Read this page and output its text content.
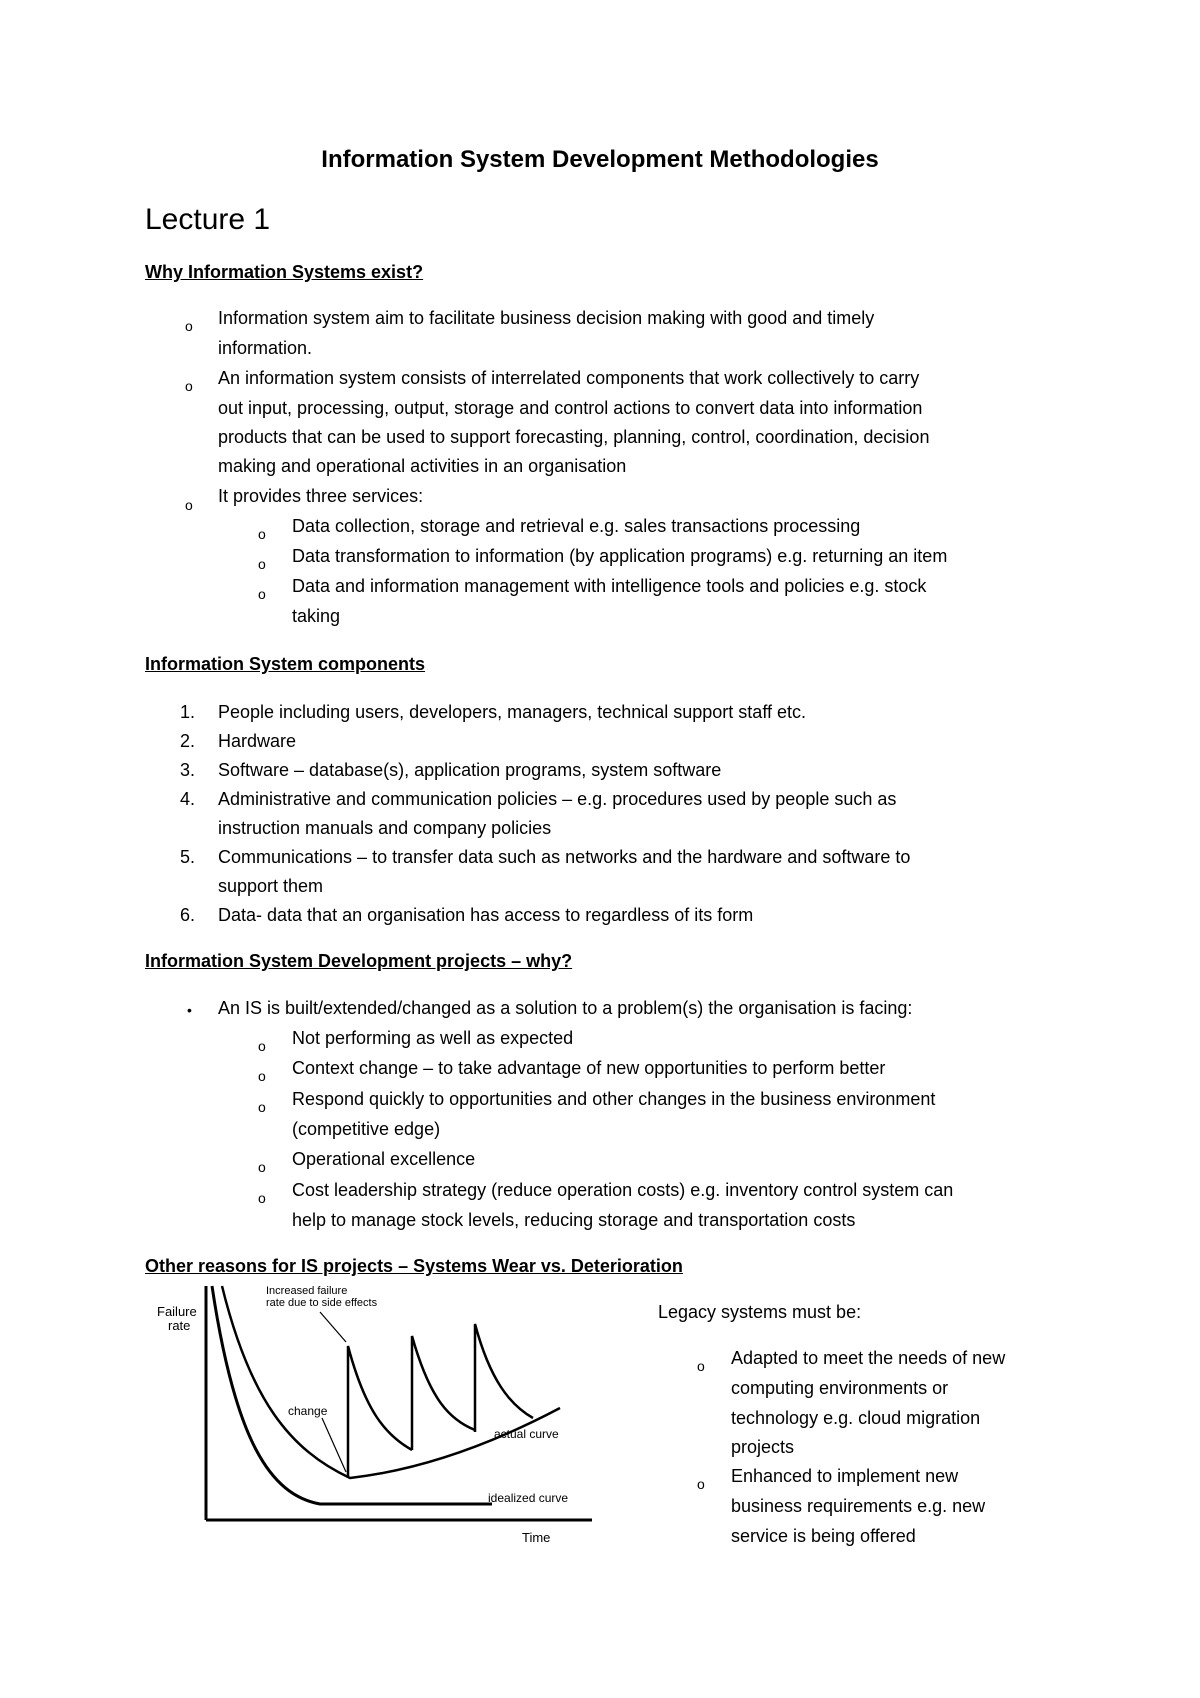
Information System Development Methodologies
Lecture 1
Why Information Systems exist?
o Information system aim to facilitate business decision making with good and timely
information.
o An information system consists of interrelated components that work collectively to carry
out input, processing, output, storage and control actions to convert data into information
products that can be used to support forecasting, planning, control, coordination, decision
making and operational activities in an organisation
o It provides three services:
o Data collection, storage and retrieval e.g. sales transactions processing
o Data transformation to information (by application programs) e.g. returning an item
o Data and information management with intelligence tools and policies e.g. stock
taking
Information System components
1. People including users, developers, managers, technical support staff etc.
2. Hardware
3. Software – database(s), application programs, system software
4. Administrative and communication policies – e.g. procedures used by people such as
instruction manuals and company policies
5. Communications – to transfer data such as networks and the hardware and software to
support them
6. Data- data that an organisation has access to regardless of its form
Information System Development projects – why?
• An IS is built/extended/changed as a solution to a problem(s) the organisation is facing:
o Not performing as well as expected
o Context change – to take advantage of new opportunities to perform better
o Respond quickly to opportunities and other changes in the business environment
(competitive edge)
o Operational excellence
o Cost leadership strategy (reduce operation costs) e.g. inventory control system can
help to manage stock levels, reducing storage and transportation costs
Other reasons for IS projects – Systems Wear vs. Deterioration
Legacy systems must be:
o Adapted to meet the needs of new
computing environments or
technology e.g. cloud migration
projects
o Enhanced to implement new
business requirements e.g. new
service is being offered
Failure
rate
Increased failure
rate due to side effects
change
actual curve
idealized curve
Time
